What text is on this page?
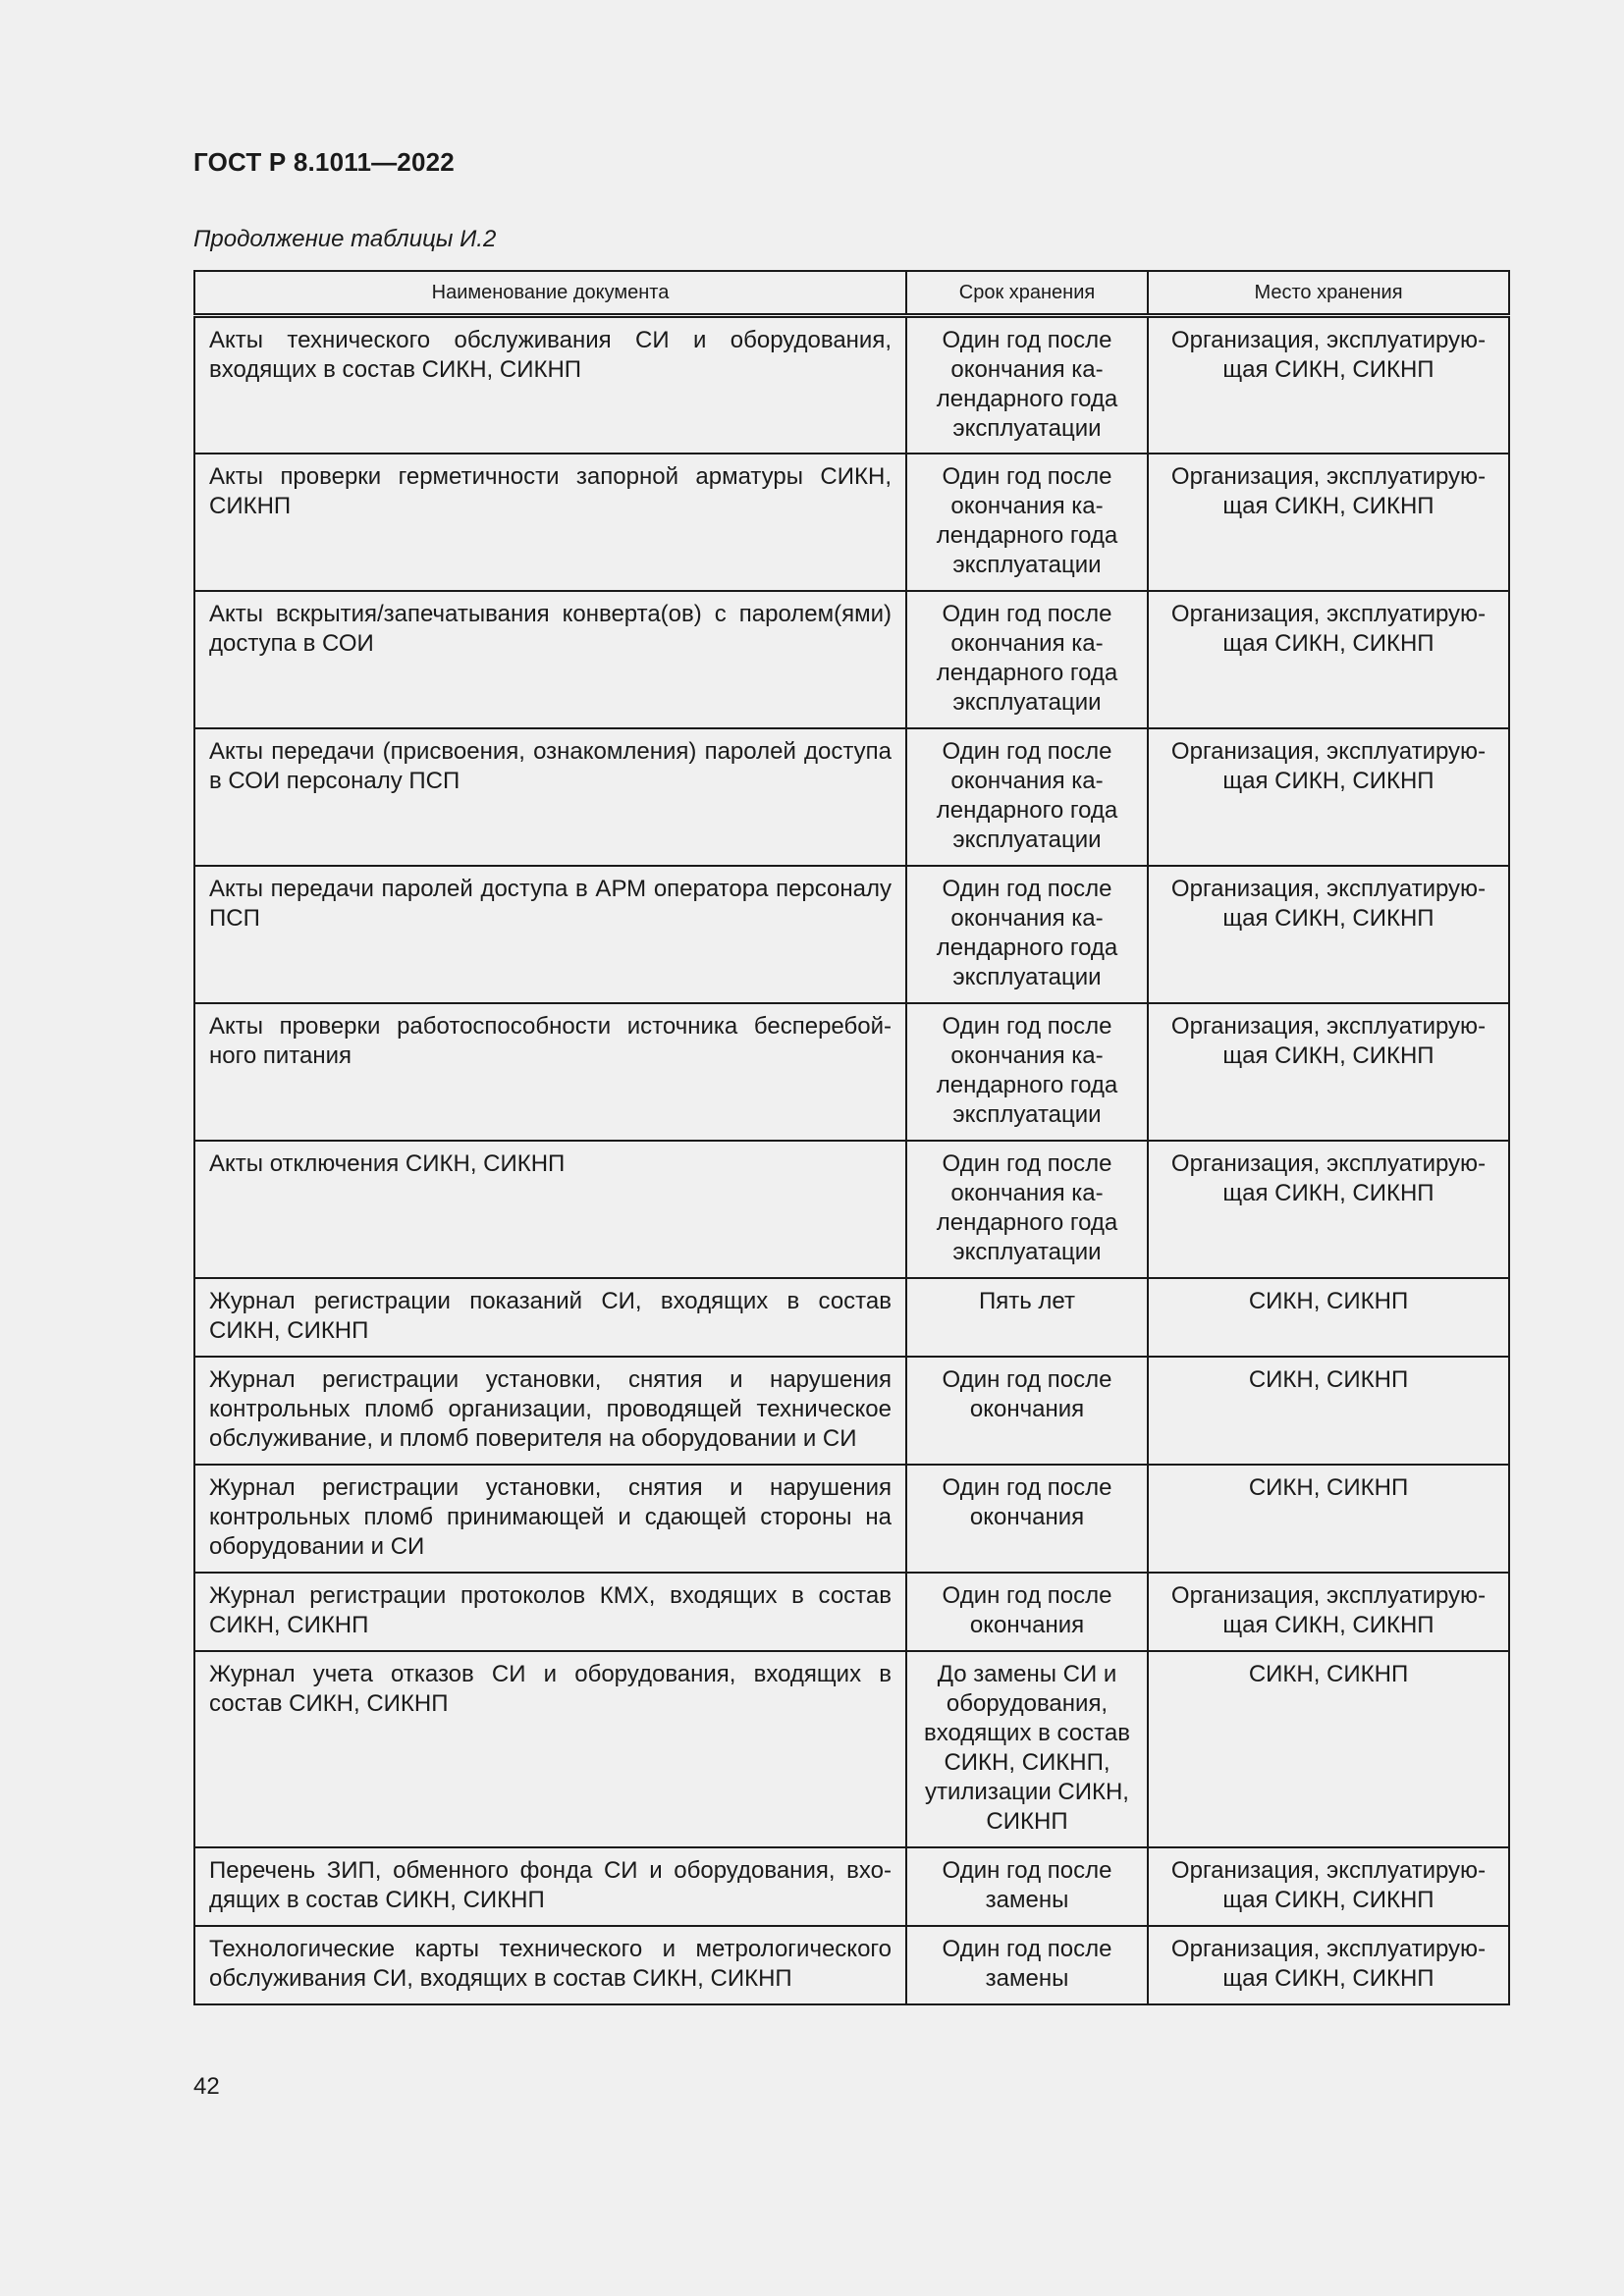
ГОСТ Р 8.1011—2022
Продолжение таблицы И.2
Наименование документа	Срок хранения	Место хранения
Акты технического обслуживания СИ и оборудования, входящих в состав СИКН, СИКНП	Один год после окончания календарного года эксплуатации	Организация, эксплуатирующая СИКН, СИКНП
Акты проверки герметичности запорной арматуры СИКН, СИКНП	Один год после окончания календарного года эксплуатации	Организация, эксплуатирующая СИКН, СИКНП
Акты вскрытия/запечатывания конверта(ов) с паролем(ями) доступа в СОИ	Один год после окончания календарного года эксплуатации	Организация, эксплуатирующая СИКН, СИКНП
Акты передачи (присвоения, ознакомления) паролей доступа в СОИ персоналу ПСП	Один год после окончания календарного года эксплуатации	Организация, эксплуатирующая СИКН, СИКНП
Акты передачи паролей доступа в АРМ оператора персоналу ПСП	Один год после окончания календарного года эксплуатации	Организация, эксплуатирующая СИКН, СИКНП
Акты проверки работоспособности источника бесперебойного питания	Один год после окончания календарного года эксплуатации	Организация, эксплуатирующая СИКН, СИКНП
Акты отключения СИКН, СИКНП	Один год после окончания календарного года эксплуатации	Организация, эксплуатирующая СИКН, СИКНП
Журнал регистрации показаний СИ, входящих в состав СИКН, СИКНП	Пять лет	СИКН, СИКНП
Журнал регистрации установки, снятия и нарушения контрольных пломб организации, проводящей техническое обслуживание, и пломб поверителя на оборудовании и СИ	Один год после окончания	СИКН, СИКНП
Журнал регистрации установки, снятия и нарушения контрольных пломб принимающей и сдающей стороны на оборудовании и СИ	Один год после окончания	СИКН, СИКНП
Журнал регистрации протоколов КМХ, входящих в состав СИКН, СИКНП	Один год после окончания	Организация, эксплуатирующая СИКН, СИКНП
Журнал учета отказов СИ и оборудования, входящих в состав СИКН, СИКНП	До замены СИ и оборудования, входящих в состав СИКН, СИКНП, утилизации СИКН, СИКНП	СИКН, СИКНП
Перечень ЗИП, обменного фонда СИ и оборудования, входящих в состав СИКН, СИКНП	Один год после замены	Организация, эксплуатирующая СИКН, СИКНП
Технологические карты технического и метрологического обслуживания СИ, входящих в состав СИКН, СИКНП	Один год после замены	Организация, эксплуатирующая СИКН, СИКНП
42
